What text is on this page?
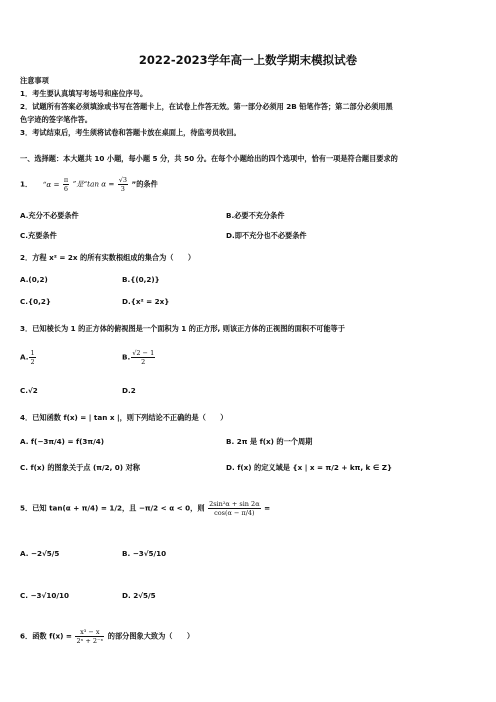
2022-2023学年高一上数学期末模拟试卷
注意事项
1．考生要认真填写考场号和座位序号。
2．试题所有答案必须填涂或书写在答题卡上，在试卷上作答无效。第一部分必须用 2B 铅笔作答；第二部分必须用黑
色字迹的签字笔作答。
3．考试结束后，考生须将试卷和答题卡放在桌面上，待监考员收回。
一、选择题：本大题共 10 小题，每小题 5 分，共 50 分。在每个小题给出的四个选项中，恰有一项是符合题目要求的
1． “$\alpha = \frac{\pi}{6}$ ”是“tan $\alpha = \frac{√3}{3}$ ”的条件
A.充分不必要条件	B.必要不充分条件
C.充要条件	D.即不充分也不必要条件
2．方程 x² = 2x 的所有实数根组成的集合为（　　）
A.(0,2)	B.{(0,2)}
C.{0,2}	D.{x² = 2x}
3．已知棱长为 1 的正方体的俯视图是一个面积为 1 的正方形, 则该正方体的正视图的面积不可能等于
A. $\frac{1}{2}$	B. $\frac{√2 - 1}{2}$
C.√2	D.2
4．已知函数 f(x) = | tan x |，则下列结论不正确的是（　　）
A. f(−3π/4) = f(3π/4)	B. 2π 是 f(x) 的一个周期
C. f(x) 的图象关于点 (π/2, 0) 对称	D. f(x) 的定义域是 {x | x = π/2 + kπ, k ∈ Z}
5．已知 tan(α + π/4) = 1/2，且 −π/2 < α < 0，则 $\frac{\text{2sin²α + sin 2α}}{\cos(\alpha - \pi/4)}$ =
A. −2√5/5	B. −3√5/10
C. −3√10/10	D. 2√5/5
6．函数 $f(x) = \frac{\text{x³ − x}}{\text{2ˣ + 2⁻ˣ}}$ 的部分图象大致为（　　）
